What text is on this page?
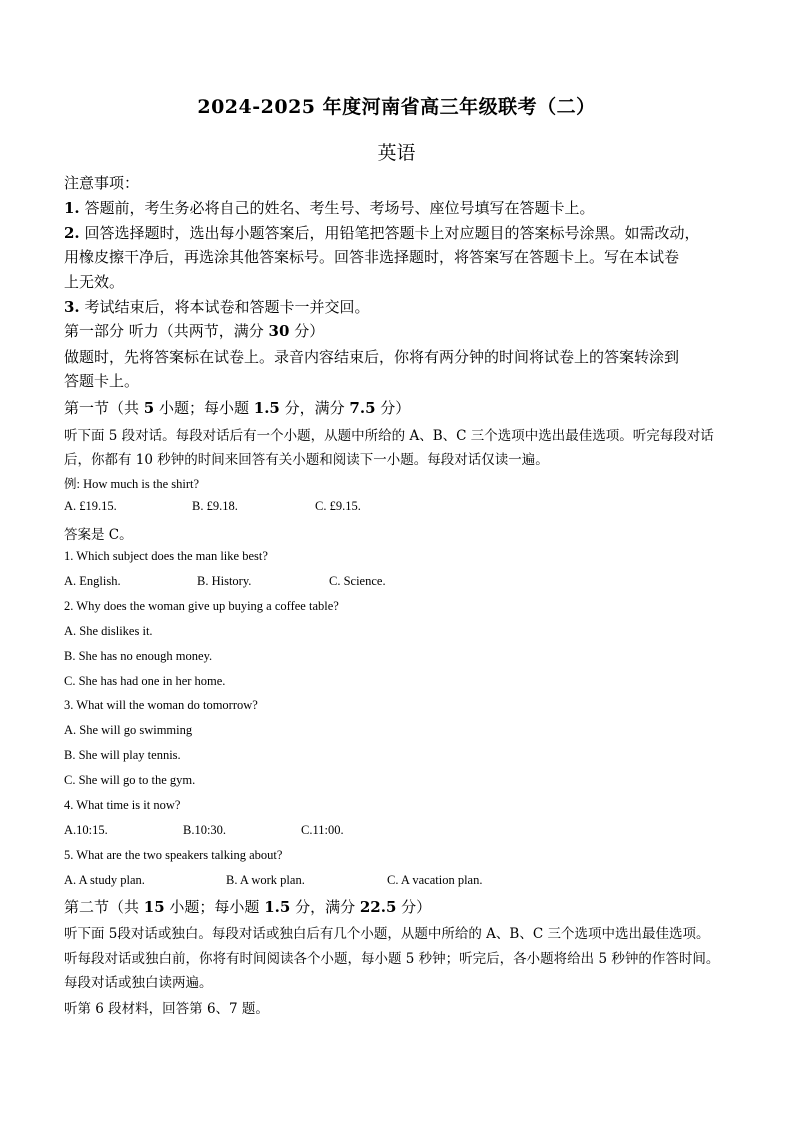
2024-2025 年度河南省高三年级联考（二）
英语
注意事项：
1. 答题前，考生务必将自己的姓名、考生号、考场号、座位号填写在答题卡上。
2. 回答选择题时，选出每小题答案后，用铅笔把答题卡上对应题目的答案标号涂黑。如需改动，
用橡皮擦干净后，再选涂其他答案标号。回答非选择题时，将答案写在答题卡上。写在本试卷
上无效。
3. 考试结束后，将本试卷和答题卡一并交回。
第一部分 听力（共两节，满分 30 分）
做题时，先将答案标在试卷上。录音内容结束后，你将有两分钟的时间将试卷上的答案转涂到
答题卡上。
第一节（共 5 小题；每小题 1.5 分，满分 7.5 分）
听下面 5 段对话。每段对话后有一个小题，从题中所给的 A、B、C 三个选项中选出最佳选项。听完每段对话
后，你都有 10 秒钟的时间来回答有关小题和阅读下一小题。每段对话仅读一遍。
例: How much is the shirt?
A. £19.15.	B. £9.18.	C. £9.15.
答案是 C。
1. Which subject does the man like best?
A. English.	B. History.	C. Science.
2. Why does the woman give up buying a coffee table?
A. She dislikes it.
B. She has no enough money.
C. She has had one in her home.
3. What will the woman do tomorrow?
A. She will go swimming
B. She will play tennis.
C. She will go to the gym.
4. What time is it now?
A.10:15.	B.10:30.	C.11:00.
5. What are the two speakers talking about?
A. A study plan.	B. A work plan.	C. A vacation plan.
第二节（共 15 小题；每小题 1.5 分，满分 22.5 分）
听下面 5段对话或独白。每段对话或独白后有几个小题，从题中所给的 A、B、C 三个选项中选出最佳选项。
听每段对话或独白前，你将有时间阅读各个小题，每小题 5 秒钟；听完后，各小题将给出 5 秒钟的作答时间。
每段对话或独白读两遍。
听第 6 段材料，回答第 6、7 题。
